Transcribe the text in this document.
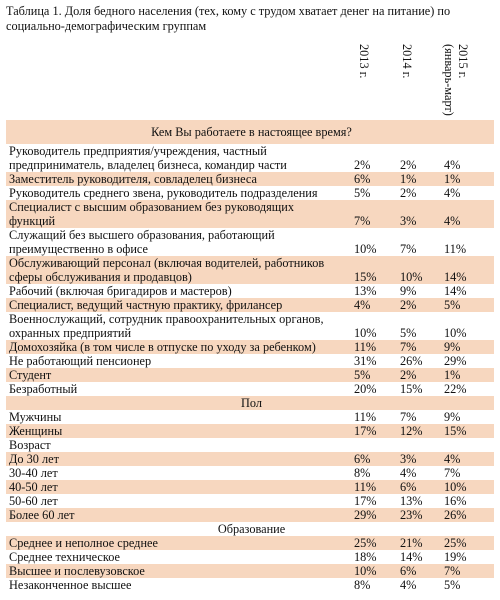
Таблица 1. Доля бедного населения (тех, кому с трудом хватает денег на питание) по социально-демографическим группам
2013 г. 2014 г.	2015 г. (январь-март)
Кем Вы работаете в настоящее время?			
Руководитель предприятия/учреждения, частный предприниматель, владелец бизнеса, командир части	2%	2%	4%
Заместитель руководителя, совладелец бизнеса	6%	1%	1%
Руководитель среднего звена, руководитель подразделения	5%	2%	4%
Специалист с высшим образованием без руководящих функций	7%	3%	4%
Служащий без высшего образования, работающий преимущественно в офисе	10%	7%	11%
Обслуживающий персонал (включая водителей, работников сферы обслуживания и продавцов)	15%	10%	14%
Рабочий (включая бригадиров и мастеров)	13%	9%	14%
Специалист, ведущий частную практику, фрилансер	4%	2%	5%
Военнослужащий, сотрудник правоохранительных органов, охранных предприятий	10%	5%	10%
Домохозяйка (в том числе в отпуске по уходу за ребенком)	11%	7%	9%
Не работающий пенсионер	31%	26%	29%
Студент	5%	2%	1%
Безработный	20%	15%	22%
Пол			
Мужчины	11%	7%	9%
Женщины	17%	12%	15%
Возраст			
До 30 лет	6%	3%	4%
30-40 лет	8%	4%	7%
40-50 лет	11%	6%	10%
50-60 лет	17%	13%	16%
Более 60 лет	29%	23%	26%
Образование			
Среднее и неполное среднее	25%	21%	25%
Среднее техническое	18%	14%	19%
Высшее и послевузовское	10%	6%	7%
Незаконченное высшее	8%	4%	5%
